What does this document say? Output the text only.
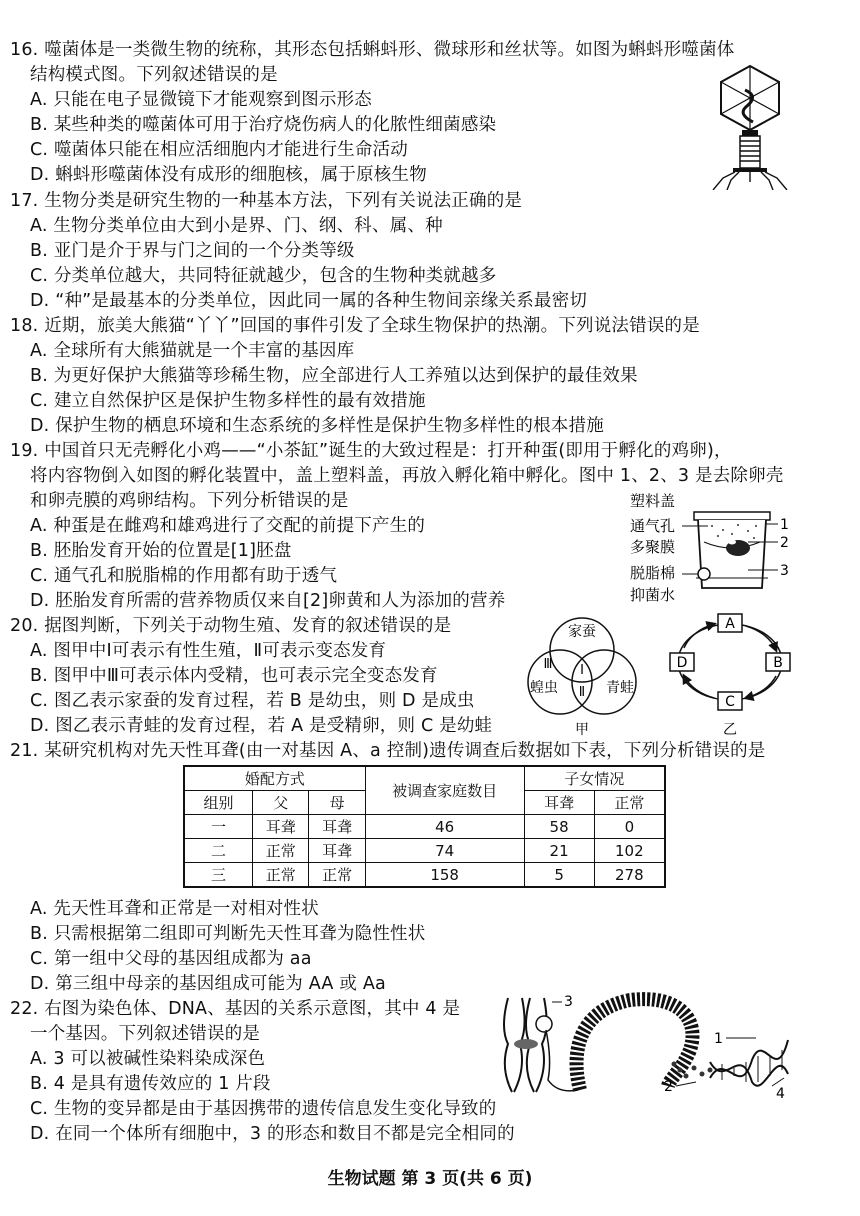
16. 噬菌体是一类微生物的统称，其形态包括蝌蚪形、微球形和丝状等。如图为蝌蚪形噬菌体
结构模式图。下列叙述错误的是
A. 只能在电子显微镜下才能观察到图示形态
B. 某些种类的噬菌体可用于治疗烧伤病人的化脓性细菌感染
C. 噬菌体只能在相应活细胞内才能进行生命活动
D. 蝌蚪形噬菌体没有成形的细胞核，属于原核生物
17. 生物分类是研究生物的一种基本方法，下列有关说法正确的是
A. 生物分类单位由大到小是界、门、纲、科、属、种
B. 亚门是介于界与门之间的一个分类等级
C. 分类单位越大，共同特征就越少，包含的生物种类就越多
D. “种”是最基本的分类单位，因此同一属的各种生物间亲缘关系最密切
18. 近期，旅美大熊猫“丫丫”回国的事件引发了全球生物保护的热潮。下列说法错误的是
A. 全球所有大熊猫就是一个丰富的基因库
B. 为更好保护大熊猫等珍稀生物，应全部进行人工养殖以达到保护的最佳效果
C. 建立自然保护区是保护生物多样性的最有效措施
D. 保护生物的栖息环境和生态系统的多样性是保护生物多样性的根本措施
19. 中国首只无壳孵化小鸡——“小茶缸”诞生的大致过程是：打开种蛋(即用于孵化的鸡卵)，
将内容物倒入如图的孵化装置中，盖上塑料盖，再放入孵化箱中孵化。图中 1、2、3 是去除卵壳
和卵壳膜的鸡卵结构。下列分析错误的是
A. 种蛋是在雌鸡和雄鸡进行了交配的前提下产生的
B. 胚胎发育开始的位置是[1]胚盘
C. 通气孔和脱脂棉的作用都有助于透气
D. 胚胎发育所需的营养物质仅来自[2]卵黄和人为添加的营养
塑料盖
通气孔
多聚膜
脱脂棉
抑菌水
1
2
3
20. 据图判断，下列关于动物生殖、发育的叙述错误的是
A. 图甲中Ⅰ可表示有性生殖，Ⅱ可表示变态发育
B. 图甲中Ⅲ可表示体内受精，也可表示完全变态发育
C. 图乙表示家蚕的发育过程，若 B 是幼虫，则 D 是成虫
D. 图乙表示青蛙的发育过程，若 A 是受精卵，则 C 是幼蛙
家蚕
蝗虫	青蛙
Ⅰ
Ⅱ
Ⅲ
甲
A
B
C
D
乙
21. 某研究机构对先天性耳聋(由一对基因 A、a 控制)遗传调查后数据如下表，下列分析错误的是
婚配方式			被调查家庭数目	子女情况	
组别	父	母		耳聋	正常
一	耳聋	耳聋	46	58	0
二	正常	耳聋	74	21	102
三	正常	正常	158	5	278
A. 先天性耳聋和正常是一对相对性状
B. 只需根据第二组即可判断先天性耳聋为隐性性状
C. 第一组中父母的基因组成都为 aa
D. 第三组中母亲的基因组成可能为 AA 或 Aa
22. 右图为染色体、DNA、基因的关系示意图，其中 4 是
一个基因。下列叙述错误的是
A. 3 可以被碱性染料染成深色
B. 4 是具有遗传效应的 1 片段
C. 生物的变异都是由于基因携带的遗传信息发生变化导致的
D. 在同一个体所有细胞中，3 的形态和数目不都是完全相同的
3
1
2	4
生物试题 第 3 页(共 6 页)
